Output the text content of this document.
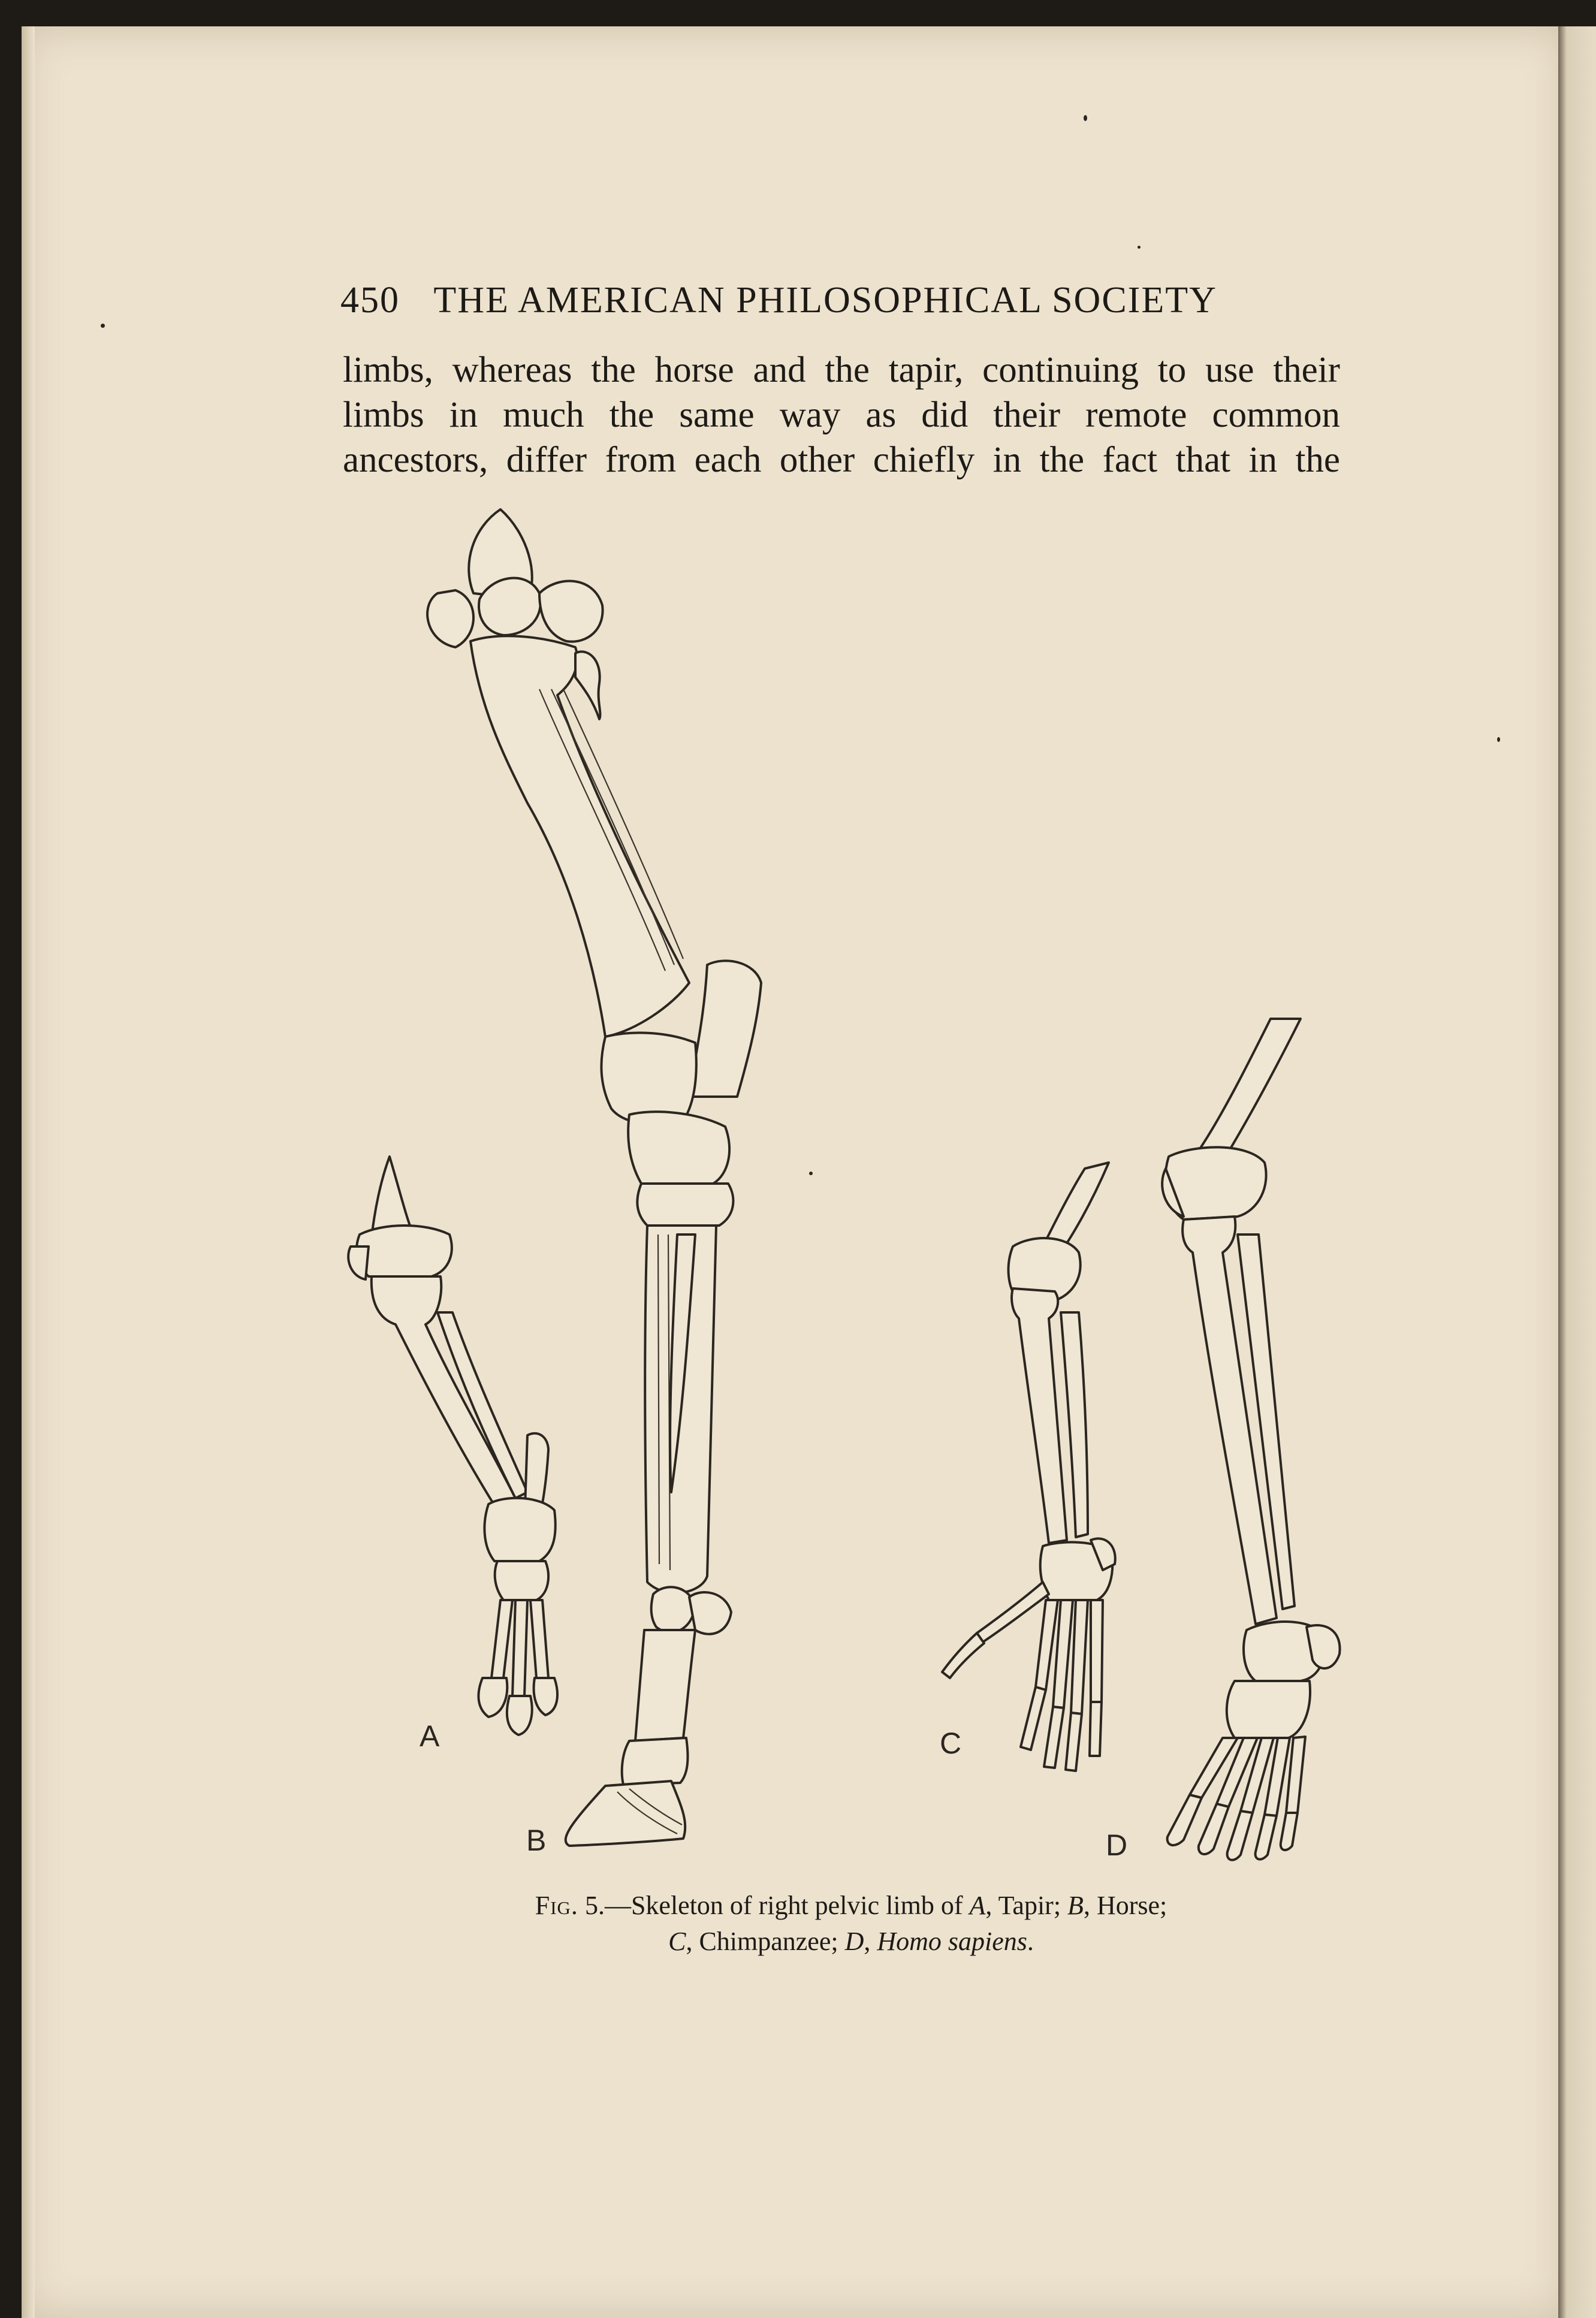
450 THE AMERICAN PHILOSOPHICAL SOCIETY
limbs, whereas the horse and the tapir, continuing to use their
limbs in much the same way as did their remote common
ancestors, differ from each other chiefly in the fact that in the
A
B
C
D
Fig. 5.—Skeleton of right pelvic limb of A, Tapir; B, Horse;
C, Chimpanzee; D, Homo sapiens.
